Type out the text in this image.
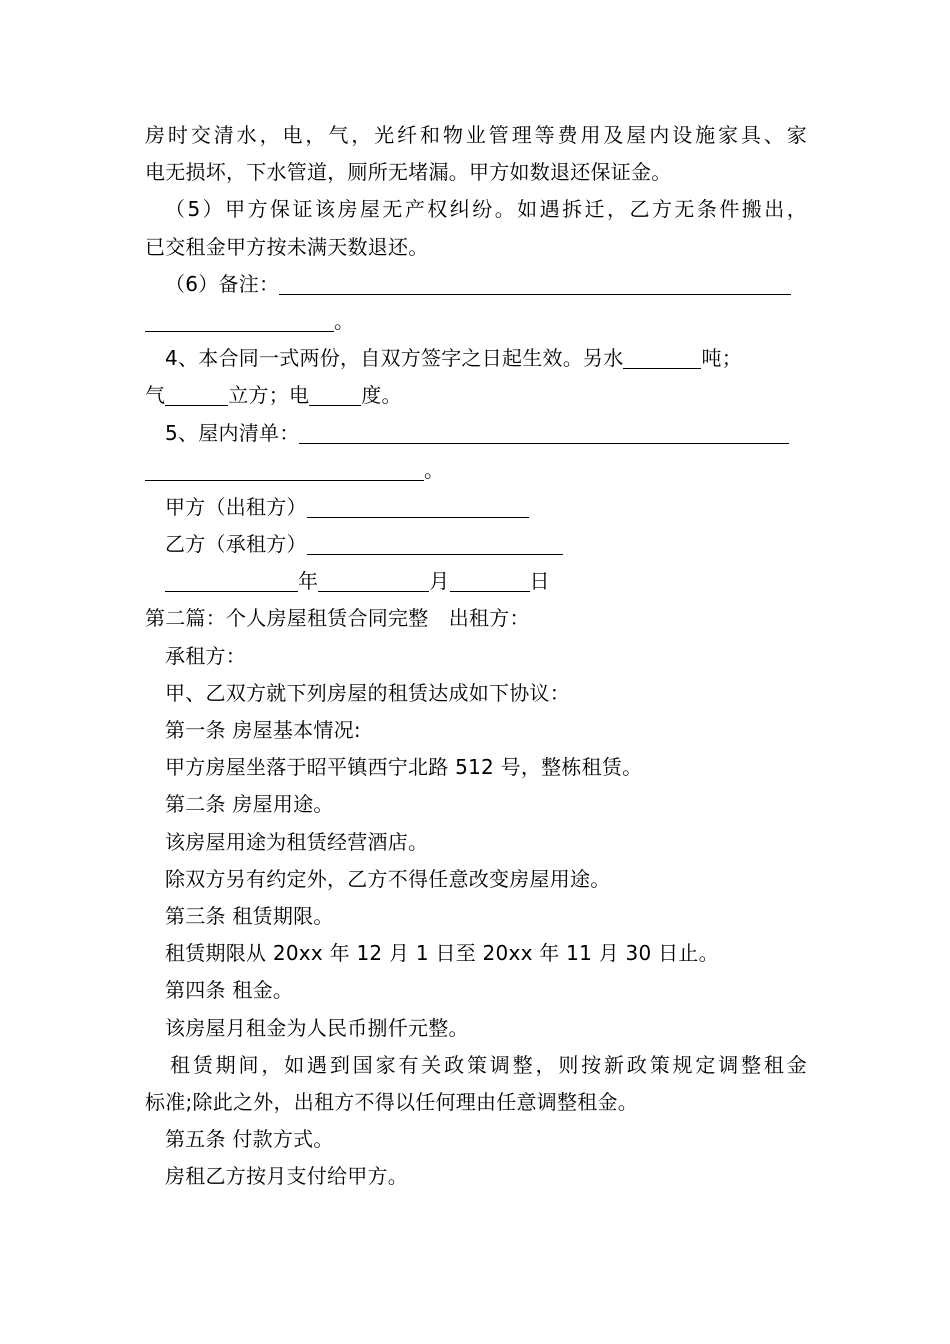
房时交清水，电，气，光纤和物业管理等费用及屋内设施家具、家
电无损坏，下水管道，厕所无堵漏。甲方如数退还保证金。
（5）甲方保证该房屋无产权纠纷。如遇拆迁，乙方无条件搬出，
已交租金甲方按未满天数退还。
（6）备注：
。
4、本合同一式两份，自双方签字之日起生效。另水	吨；
气	立方；电	度。
5、屋内清单：
。
甲方（出租方）
乙方（承租方）
年	月	日
第二篇：个人房屋租赁合同完整　出租方：
承租方：
甲、乙双方就下列房屋的租赁达成如下协议：
第一条 房屋基本情况:
甲方房屋坐落于昭平镇西宁北路 512 号，整栋租赁。
第二条 房屋用途。
该房屋用途为租赁经营酒店。
除双方另有约定外，乙方不得任意改变房屋用途。
第三条 租赁期限。
租赁期限从 20xx 年 12 月 1 日至 20xx 年 11 月 30 日止。
第四条 租金。
该房屋月租金为人民币捌仟元整。
租赁期间，如遇到国家有关政策调整，则按新政策规定调整租金
标准;除此之外，出租方不得以任何理由任意调整租金。
第五条 付款方式。
房租乙方按月支付给甲方。
